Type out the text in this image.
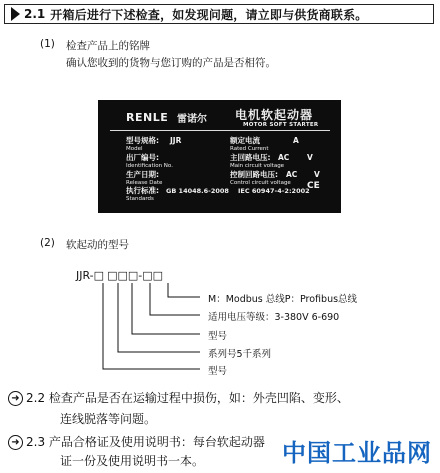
2.1 开箱后进行下述检查，如发现问题，请立即与供货商联系。
(1) 检查产品上的铭牌
确认您收到的货物与您订购的产品是否相符。
RENLE 雷诺尔 电机软起动器
MOTOR SOFT STARTER
型号规格: JJR
Model
出厂编号:
Identification No.
生产日期:
Release Date
执行标准: GB 14048.6-2008
Standards
额定电流	A
Rated Current
主回路电压: AC V
Main circuit voltage
控制回路电压: AC V
Control circuit voltage
IEC 60947-4-2:2002
CE
(2) 软起动的型号
JJR-□ □□□-□□
M：Modbus 总线P：Profibus总线
适用电压等级：3-380V 6-690
型号
系列号5千系列
型号
➜ 2.2 检查产品是否在运输过程中损伤，如：外壳凹陷、变形、
连线脱落等问题。
➜ 2.3 产品合格证及使用说明书：每台软起动器
证一份及使用说明书一本。	中国工业品网
